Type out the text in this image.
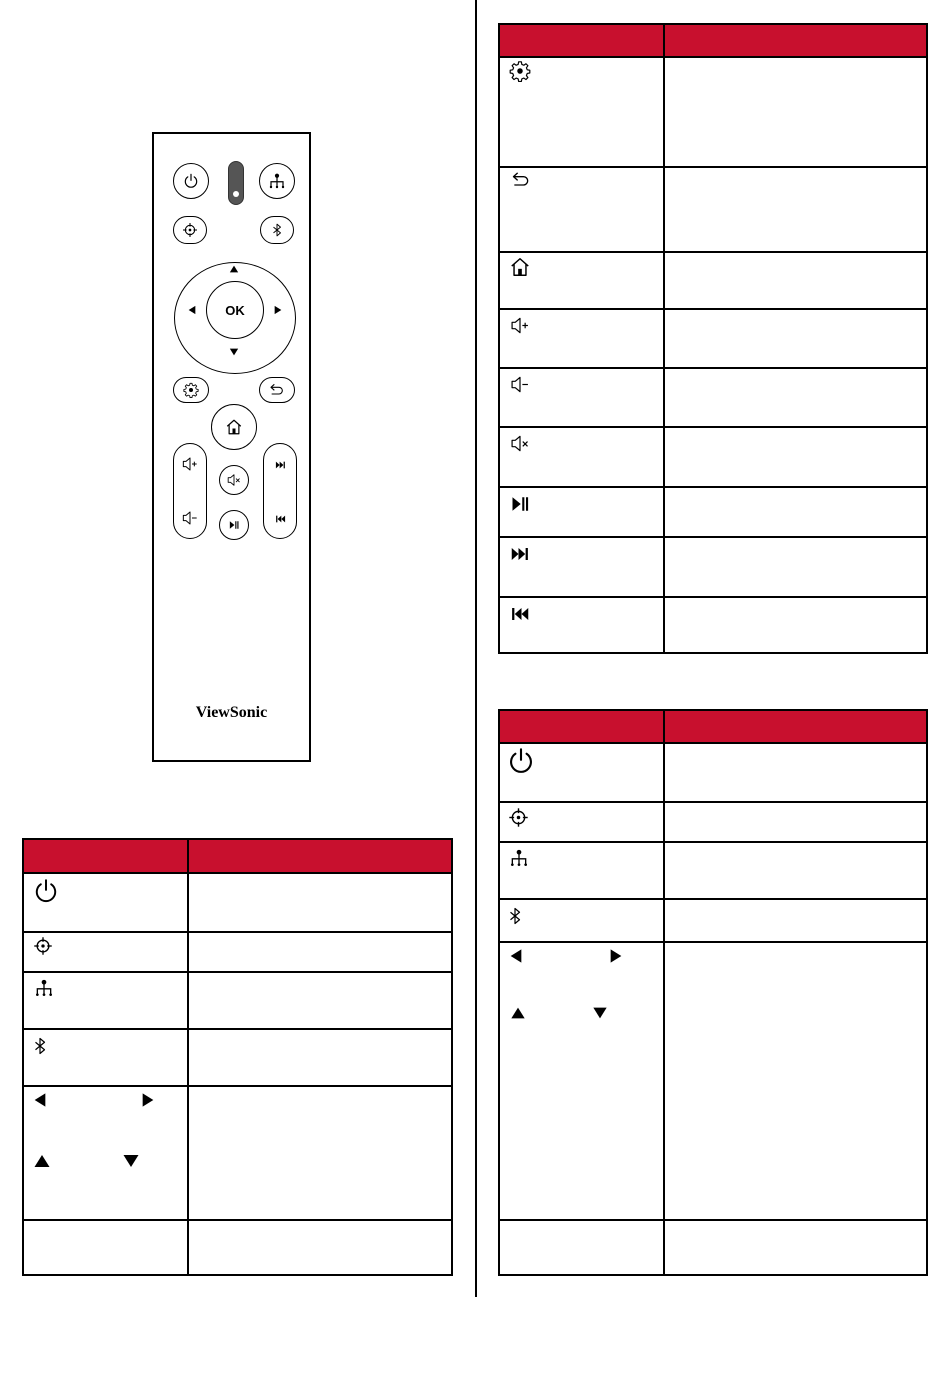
OK
ViewSonic
